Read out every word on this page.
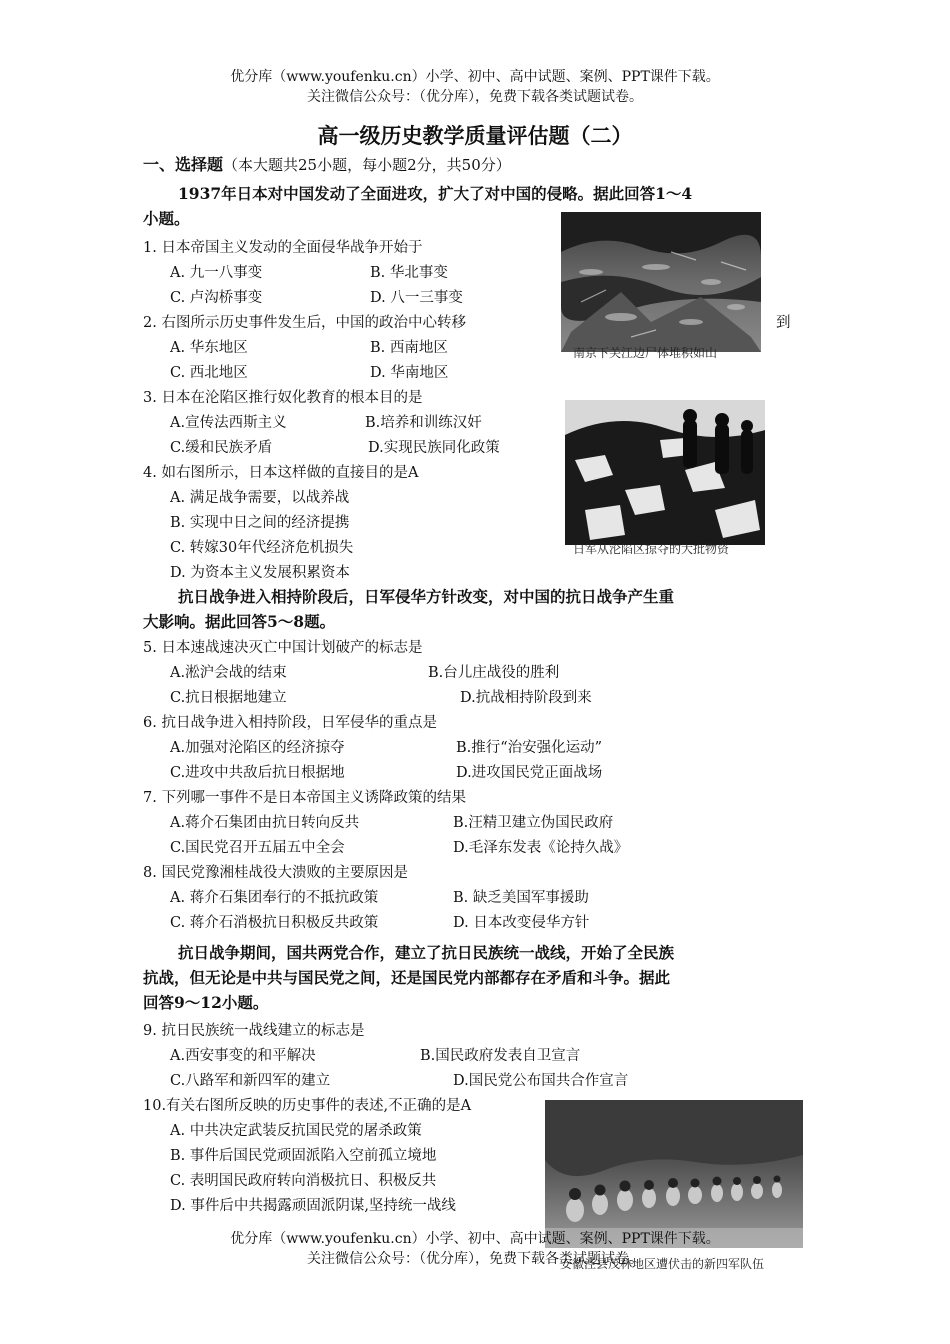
优分库（www.youfenku.cn）小学、初中、高中试题、案例、PPT课件下载。
关注微信公众号：（优分库），免费下载各类试题试卷。
高一级历史教学质量评估题（二）
一、选择题（本大题共25小题，每小题2分，共50分）
1937年日本对中国发动了全面进攻，扩大了对中国的侵略。据此回答1～4
小题。
南京下关江边尸体堆积如山
1. 日本帝国主义发动的全面侵华战争开始于
A. 九一八事变	B. 华北事变
C. 卢沟桥事变	D. 八一三事变
2. 右图所示历史事件发生后，中国的政治中心转移	到
A. 华东地区	B. 西南地区
C. 西北地区	D. 华南地区
3. 日本在沦陷区推行奴化教育的根本目的是
A.宣传法西斯主义	B.培养和训练汉奸
C.缓和民族矛盾	D.实现民族同化政策
日军从沦陷区掠夺的大批物资
4. 如右图所示，日本这样做的直接目的是A
A. 满足战争需要，以战养战
B. 实现中日之间的经济提携
C. 转嫁30年代经济危机损失
D. 为资本主义发展积累资本
抗日战争进入相持阶段后，日军侵华方针改变，对中国的抗日战争产生重
大影响。据此回答5～8题。
5. 日本速战速决灭亡中国计划破产的标志是
A.淞沪会战的结束	B.台儿庄战役的胜利
C.抗日根据地建立	D.抗战相持阶段到来
6. 抗日战争进入相持阶段，日军侵华的重点是
A.加强对沦陷区的经济掠夺	B.推行“治安强化运动”
C.进攻中共敌后抗日根据地	D.进攻国民党正面战场
7. 下列哪一事件不是日本帝国主义诱降政策的结果
A.蒋介石集团由抗日转向反共	B.汪精卫建立伪国民政府
C.国民党召开五届五中全会	D.毛泽东发表《论持久战》
8. 国民党豫湘桂战役大溃败的主要原因是
A. 蒋介石集团奉行的不抵抗政策	B. 缺乏美国军事援助
C. 蒋介石消极抗日积极反共政策	D. 日本改变侵华方针
抗日战争期间，国共两党合作，建立了抗日民族统一战线，开始了全民族
抗战，但无论是中共与国民党之间，还是国民党内部都存在矛盾和斗争。据此
回答9～12小题。
9. 抗日民族统一战线建立的标志是
A.西安事变的和平解决	B.国民政府发表自卫宣言
C.八路军和新四军的建立	D.国民党公布国共合作宣言
安徽泾县茂林地区遭伏击的新四军队伍
10.有关右图所反映的历史事件的表述,不正确的是A
A. 中共决定武装反抗国民党的屠杀政策
B. 事件后国民党顽固派陷入空前孤立境地
C. 表明国民政府转向消极抗日、积极反共
D. 事件后中共揭露顽固派阴谋,坚持统一战线
优分库（www.youfenku.cn）小学、初中、高中试题、案例、PPT课件下载。
关注微信公众号：（优分库），免费下载各类试题试卷。
